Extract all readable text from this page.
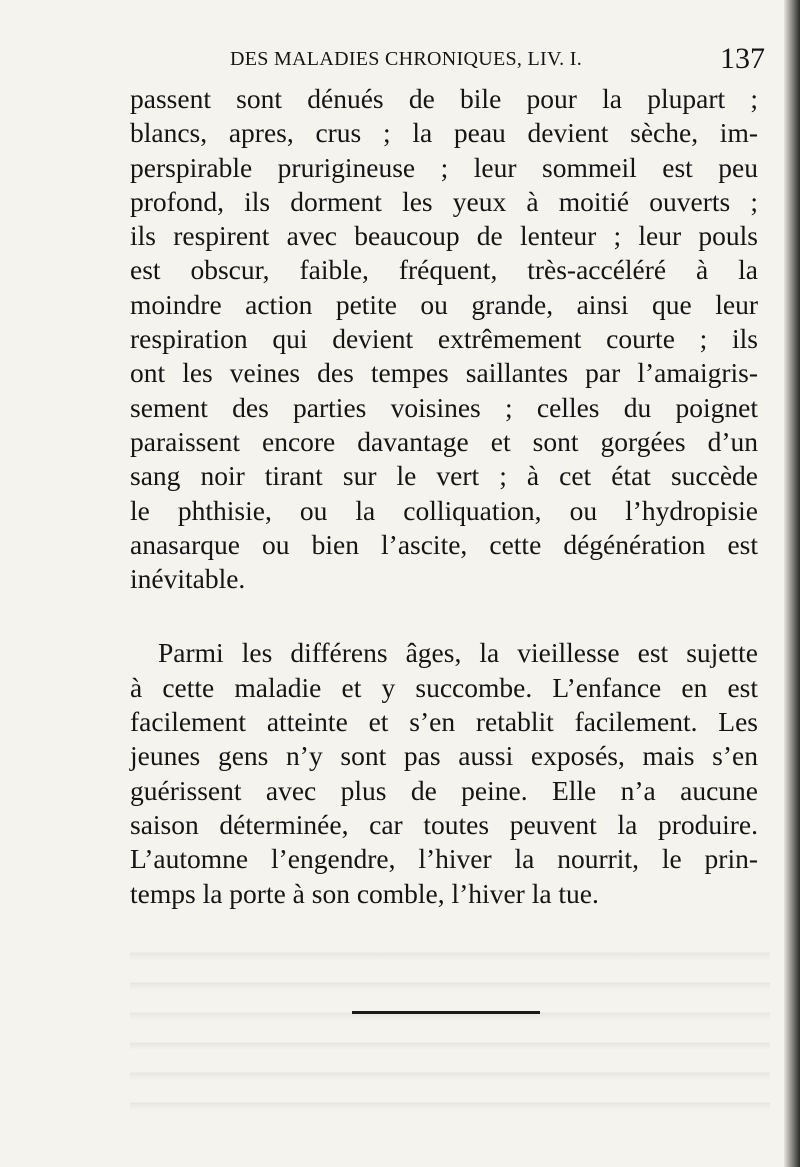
DES MALADIES CHRONIQUES, LIV. I.	137
passent sont dénués de bile pour la plupart ;
blancs, apres, crus ; la peau devient sèche, im-
perspirable prurigineuse ; leur sommeil est peu
profond, ils dorment les yeux à moitié ouverts ;
ils respirent avec beaucoup de lenteur ; leur pouls
est obscur, faible, fréquent, très-accéléré à la
moindre action petite ou grande, ainsi que leur
respiration qui devient extrêmement courte ; ils
ont les veines des tempes saillantes par l’amaigris-
sement des parties voisines ; celles du poignet
paraissent encore davantage et sont gorgées d’un
sang noir tirant sur le vert ; à cet état succède
le phthisie, ou la colliquation, ou l’hydropisie
anasarque ou bien l’ascite, cette dégénération est
inévitable.
Parmi les différens âges, la vieillesse est sujette
à cette maladie et y succombe. L’enfance en est
facilement atteinte et s’en retablit facilement. Les
jeunes gens n’y sont pas aussi exposés, mais s’en
guérissent avec plus de peine. Elle n’a aucune
saison déterminée, car toutes peuvent la produire.
L’automne l’engendre, l’hiver la nourrit, le prin-
temps la porte à son comble, l’hiver la tue.
